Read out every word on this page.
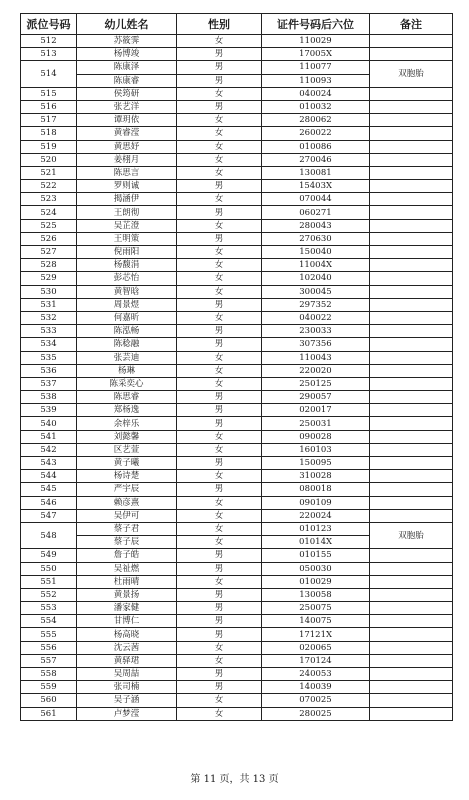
派位号码	幼儿姓名	性别	证件号码后六位	备注
512	苏筱霁	女	110029	
513	杨博竣	男	17005X	
514	陈康泽	男	110077	双胞胎
	陈康睿	男	110093	
515	侯筠研	女	040024	
516	张艺洋	男	010032	
517	谭玥依	女	280062	
518	黄睿滢	女	260022	
519	黄思妤	女	010086	
520	姜栩月	女	270046	
521	陈思言	女	130081	
522	罗则诚	男	15403X	
523	揭涵伊	女	070044	
524	王朗彻	男	060271	
525	吴芷澄	女	280043	
526	王明策	男	270630	
527	倪雨阳	女	150040	
528	杨馥涓	女	11004X	
529	彭芯怡	女	102040	
530	黄智晗	女	300045	
531	周景煜	男	297352	
532	何嘉昕	女	040022	
533	陈泓畅	男	230033	
534	陈稔融	男	307356	
535	张芸迪	女	110043	
536	杨琳	女	220020	
537	陈采奕心	女	250125	
538	陈思睿	男	290057	
539	郑杨逸	男	020017	
540	余梓乐	男	250031	
541	刘懿馨	女	090028	
542	区艺萱	女	160103	
543	黄子曦	男	150095	
544	杨诗楚	女	310028	
545	严宇辰	男	080018	
546	赖彦熹	女	090109	
547	吴伊可	女	220024	
548	蔡子君	女	010123	双胞胎
	蔡子辰	女	01014X	
549	詹子皓	男	010155	
550	吴祉燃	男	050030	
551	杜雨晴	女	010029	
552	黄景扬	男	130058	
553	潘家健	男	250075	
554	甘博仁	男	140075	
555	杨高晓	男	17121X	
556	沈云茜	女	020065	
557	黄驿珺	女	170124	
558	吴周喆	男	240053	
559	张司楠	男	140039	
560	吴子涵	女	070025	
561	卢梦滢	女	280025	
第 11 页，共 13 页
